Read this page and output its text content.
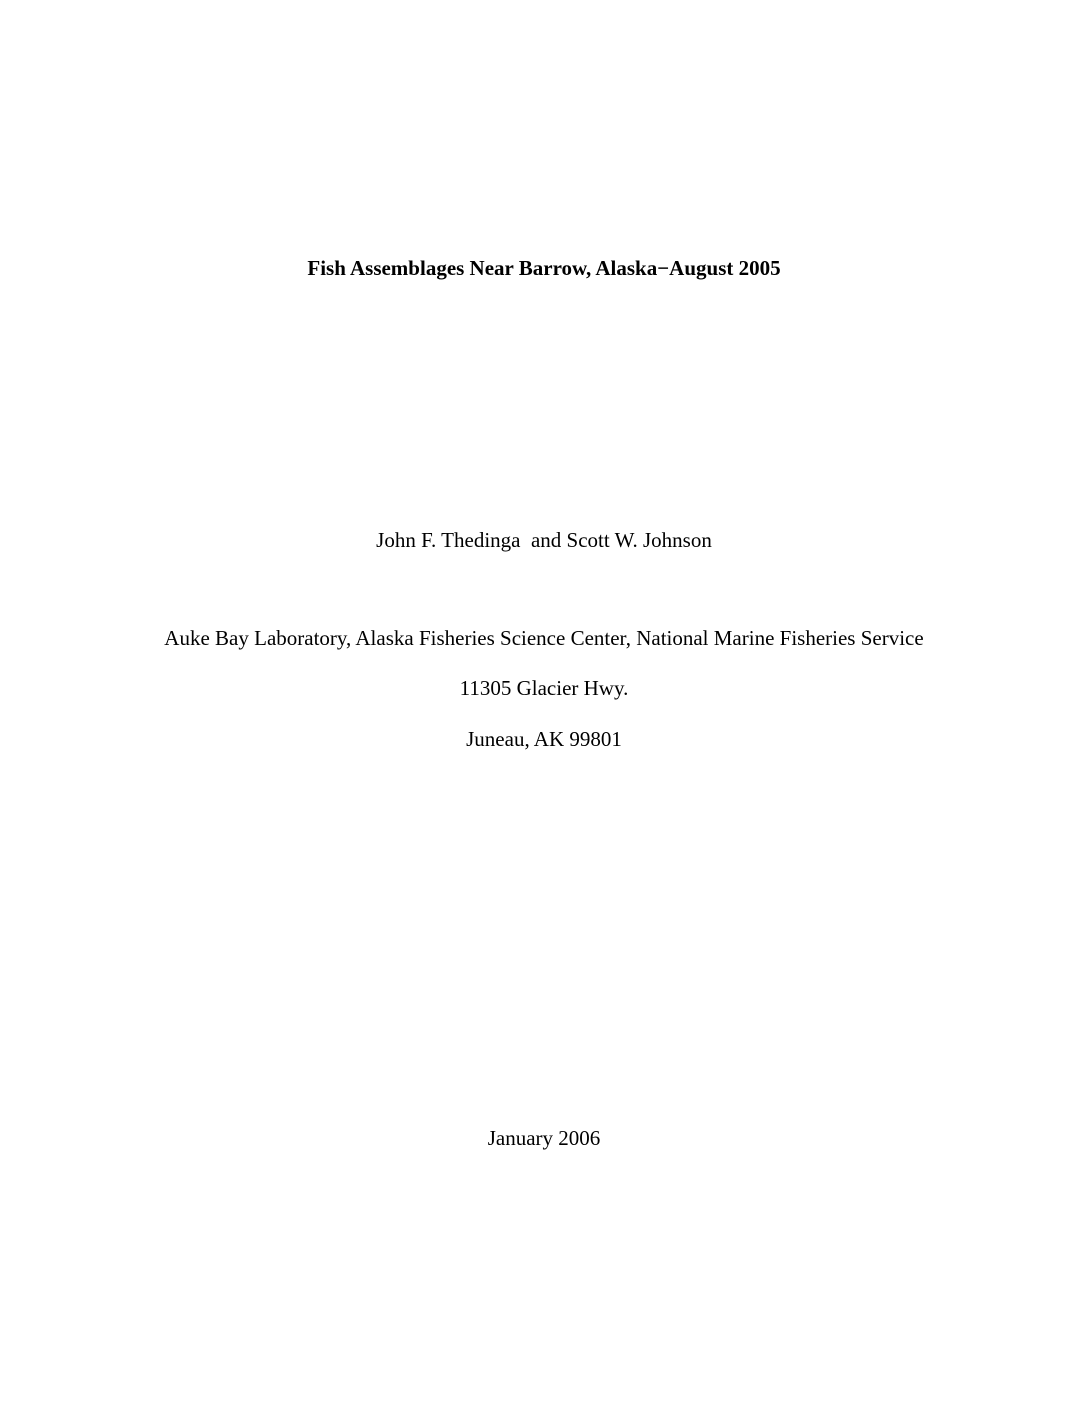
Fish Assemblages Near Barrow, Alaska−August 2005
John F. Thedinga  and Scott W. Johnson
Auke Bay Laboratory, Alaska Fisheries Science Center, National Marine Fisheries Service
11305 Glacier Hwy.
Juneau, AK 99801
January 2006
